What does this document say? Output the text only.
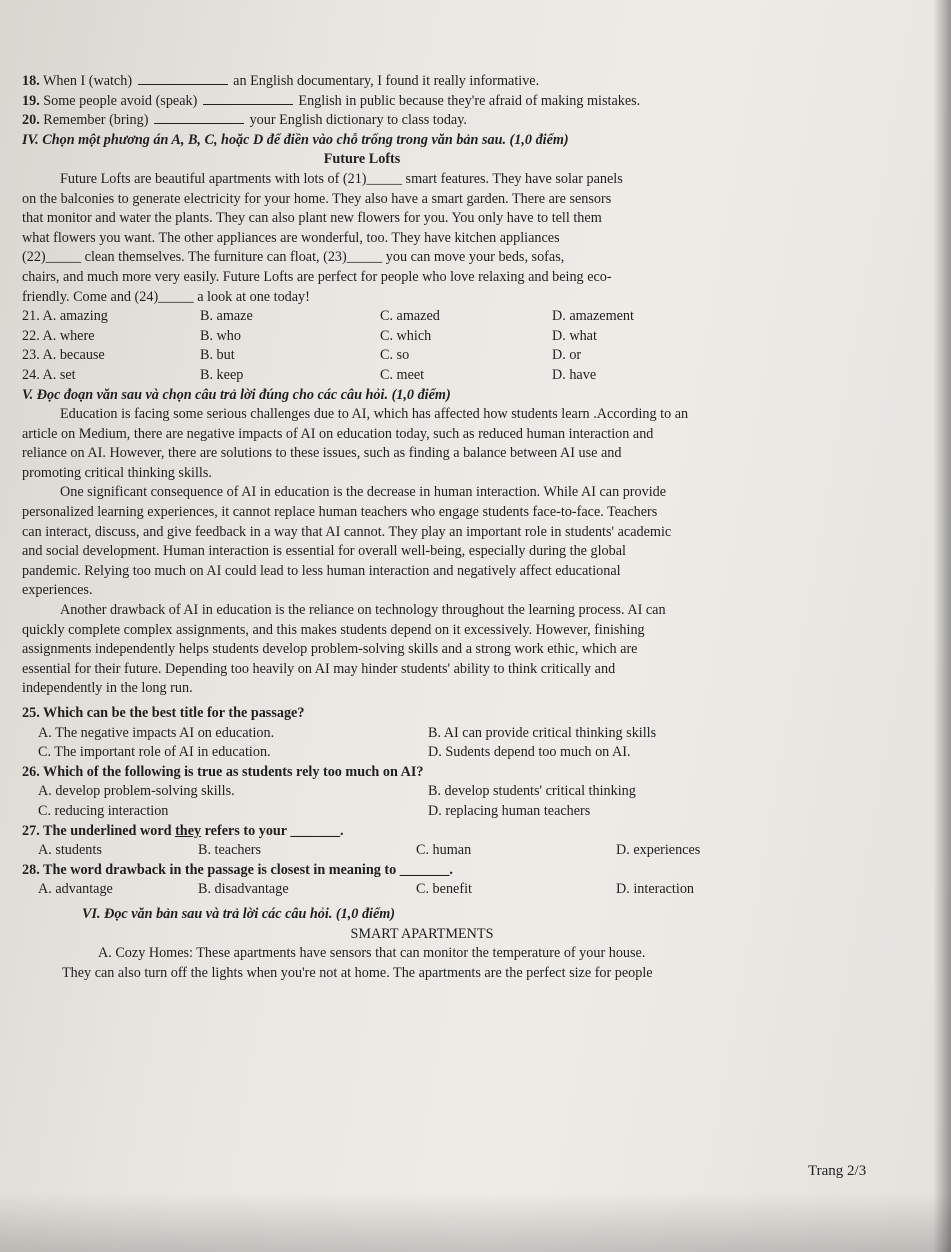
18. When I (watch)	an English documentary, I found it really informative.
19. Some people avoid (speak)	English in public because they're afraid of making mistakes.
20. Remember (bring)	your English dictionary to class today.
IV. Chọn một phương án A, B, C, hoặc D để điền vào chỗ trống trong văn bản sau. (1,0 điểm)
Future Lofts
Future Lofts are beautiful apartments with lots of (21)_____ smart features. They have solar panels
on the balconies to generate electricity for your home. They also have a smart garden. There are sensors
that monitor and water the plants. They can also plant new flowers for you. You only have to tell them
what flowers you want. The other appliances are wonderful, too. They have kitchen appliances
(22)_____ clean themselves. The furniture can float, (23)_____ you can move your beds, sofas,
chairs, and much more very easily. Future Lofts are perfect for people who love relaxing and being eco-
friendly. Come and (24)_____ a look at one today!
21. A. amazing	B. amaze	C. amazed	D. amazement
22. A. where	B. who	C. which	D. what
23. A. because	B. but	C. so	D. or
24. A. set	B. keep	C. meet	D. have
V. Đọc đoạn văn sau và chọn câu trả lời đúng cho các câu hỏi. (1,0 điểm)
Education is facing some serious challenges due to AI, which has affected how students learn .According to an
article on Medium, there are negative impacts of AI on education today, such as reduced human interaction and
reliance on AI. However, there are solutions to these issues, such as finding a balance between AI use and
promoting critical thinking skills.
One significant consequence of AI in education is the decrease in human interaction. While AI can provide
personalized learning experiences, it cannot replace human teachers who engage students face-to-face. Teachers
can interact, discuss, and give feedback in a way that AI cannot. They play an important role in students' academic
and social development. Human interaction is essential for overall well-being, especially during the global
pandemic. Relying too much on AI could lead to less human interaction and negatively affect educational
experiences.
Another drawback of AI in education is the reliance on technology throughout the learning process. AI can
quickly complete complex assignments, and this makes students depend on it excessively. However, finishing
assignments independently helps students develop problem-solving skills and a strong work ethic, which are
essential for their future. Depending too heavily on AI may hinder students' ability to think critically and
independently in the long run.
25. Which can be the best title for the passage?
A. The negative impacts AI on education.	B. AI can provide critical thinking skills
C. The important role of AI in education.	D. Sudents depend too much on AI.
26. Which of the following is true as students rely too much on AI?
A. develop problem-solving skills.	B. develop students' critical thinking
C. reducing interaction	D. replacing human teachers
27. The underlined word they refers to your _______.
A. students	B. teachers	C. human	D. experiences
28. The word drawback in the passage is closest in meaning to _______.
A. advantage	B. disadvantage	C. benefit	D. interaction
VI. Đọc văn bản sau và trả lời các câu hỏi. (1,0 điểm)
SMART APARTMENTS
A. Cozy Homes: These apartments have sensors that can monitor the temperature of your house.
They can also turn off the lights when you're not at home. The apartments are the perfect size for people
Trang 2/3
